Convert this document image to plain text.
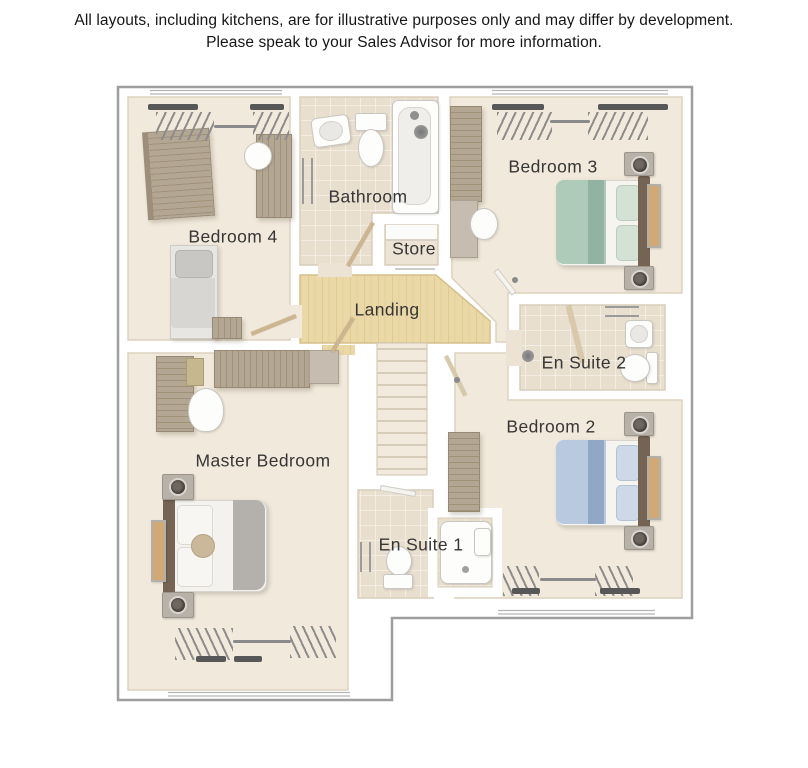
All layouts, including kitchens, are for illustrative purposes only and may differ by development.
Please speak to your Sales Advisor for more information.
Bedroom 4
Bathroom
Store
Bedroom 3
Landing
En Suite 2
Master Bedroom
Bedroom 2
En Suite 1
